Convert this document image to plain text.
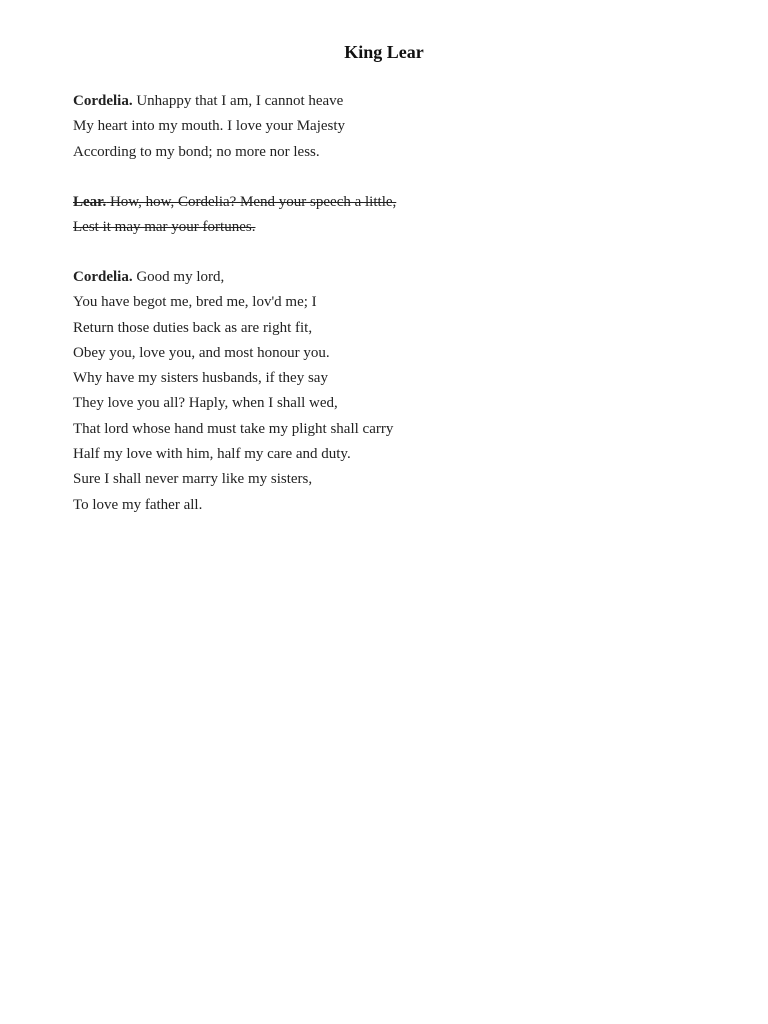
King Lear
Cordelia. Unhappy that I am, I cannot heave
My heart into my mouth. I love your Majesty
According to my bond; no more nor less.
Lear. How, how, Cordelia? Mend your speech a little,
Lest it may mar your fortunes.
Cordelia. Good my lord,
You have begot me, bred me, lov'd me; I
Return those duties back as are right fit,
Obey you, love you, and most honour you.
Why have my sisters husbands, if they say
They love you all? Haply, when I shall wed,
That lord whose hand must take my plight shall carry
Half my love with him, half my care and duty.
Sure I shall never marry like my sisters,
To love my father all.
